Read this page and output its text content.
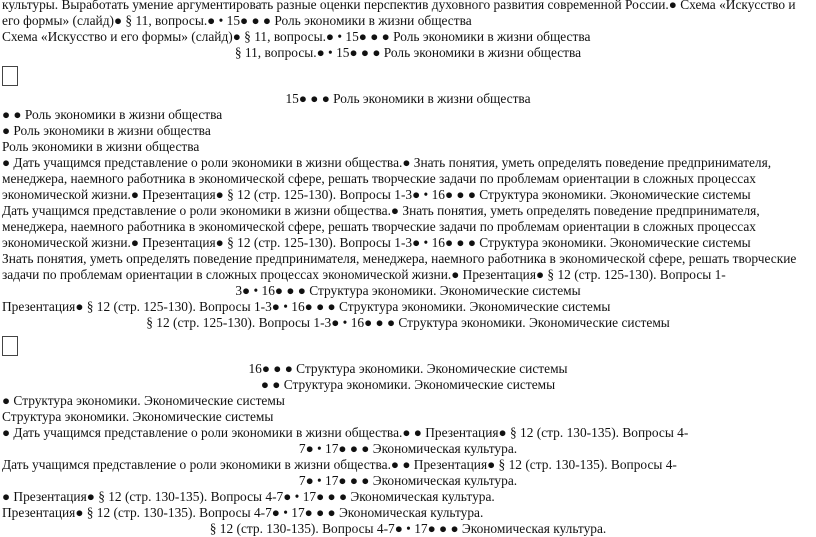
культуры. Выработать умение аргументировать разные оценки перспектив духовного развития современной России.● Схема «Искусство и
его формы» (слайд)● § 11, вопросы.● • 15● ● ● Роль экономики в жизни общества
Схема «Искусство и его формы» (слайд)● § 11, вопросы.● • 15● ● ● Роль экономики в жизни общества
§ 11, вопросы.● • 15● ● ● Роль экономики в жизни общества
15● ● ● Роль экономики в жизни общества
● ● Роль экономики в жизни общества
● Роль экономики в жизни общества
Роль экономики в жизни общества
● Дать учащимся представление о роли экономики в жизни общества.● Знать понятия, уметь определять поведение предпринимателя,
менеджера, наемного работника в экономической сфере, решать творческие задачи по проблемам ориентации в сложных процессах
экономической жизни.● Презентация● § 12 (стр. 125-130). Вопросы 1-3● • 16● ● ● Структура экономики. Экономические системы
Дать учащимся представление о роли экономики в жизни общества.● Знать понятия, уметь определять поведение предпринимателя,
менеджера, наемного работника в экономической сфере, решать творческие задачи по проблемам ориентации в сложных процессах
экономической жизни.● Презентация● § 12 (стр. 125-130). Вопросы 1-3● • 16● ● ● Структура экономики. Экономические системы
Знать понятия, уметь определять поведение предпринимателя, менеджера, наемного работника в экономической сфере, решать творческие
задачи по проблемам ориентации в сложных процессах экономической жизни.● Презентация● § 12 (стр. 125-130). Вопросы 1-
3● • 16● ● ● Структура экономики. Экономические системы
Презентация● § 12 (стр. 125-130). Вопросы 1-3● • 16● ● ● Структура экономики. Экономические системы
§ 12 (стр. 125-130). Вопросы 1-3● • 16● ● ● Структура экономики. Экономические системы
16● ● ● Структура экономики. Экономические системы
● ● Структура экономики. Экономические системы
● Структура экономики. Экономические системы
Структура экономики. Экономические системы
● Дать учащимся представление о роли экономики в жизни общества.● ● Презентация● § 12 (стр. 130-135). Вопросы 4-
7● • 17● ● ● Экономическая культура.
Дать учащимся представление о роли экономики в жизни общества.● ● Презентация● § 12 (стр. 130-135). Вопросы 4-
7● • 17● ● ● Экономическая культура.
● Презентация● § 12 (стр. 130-135). Вопросы 4-7● • 17● ● ● Экономическая культура.
Презентация● § 12 (стр. 130-135). Вопросы 4-7● • 17● ● ● Экономическая культура.
§ 12 (стр. 130-135). Вопросы 4-7● • 17● ● ● Экономическая культура.
